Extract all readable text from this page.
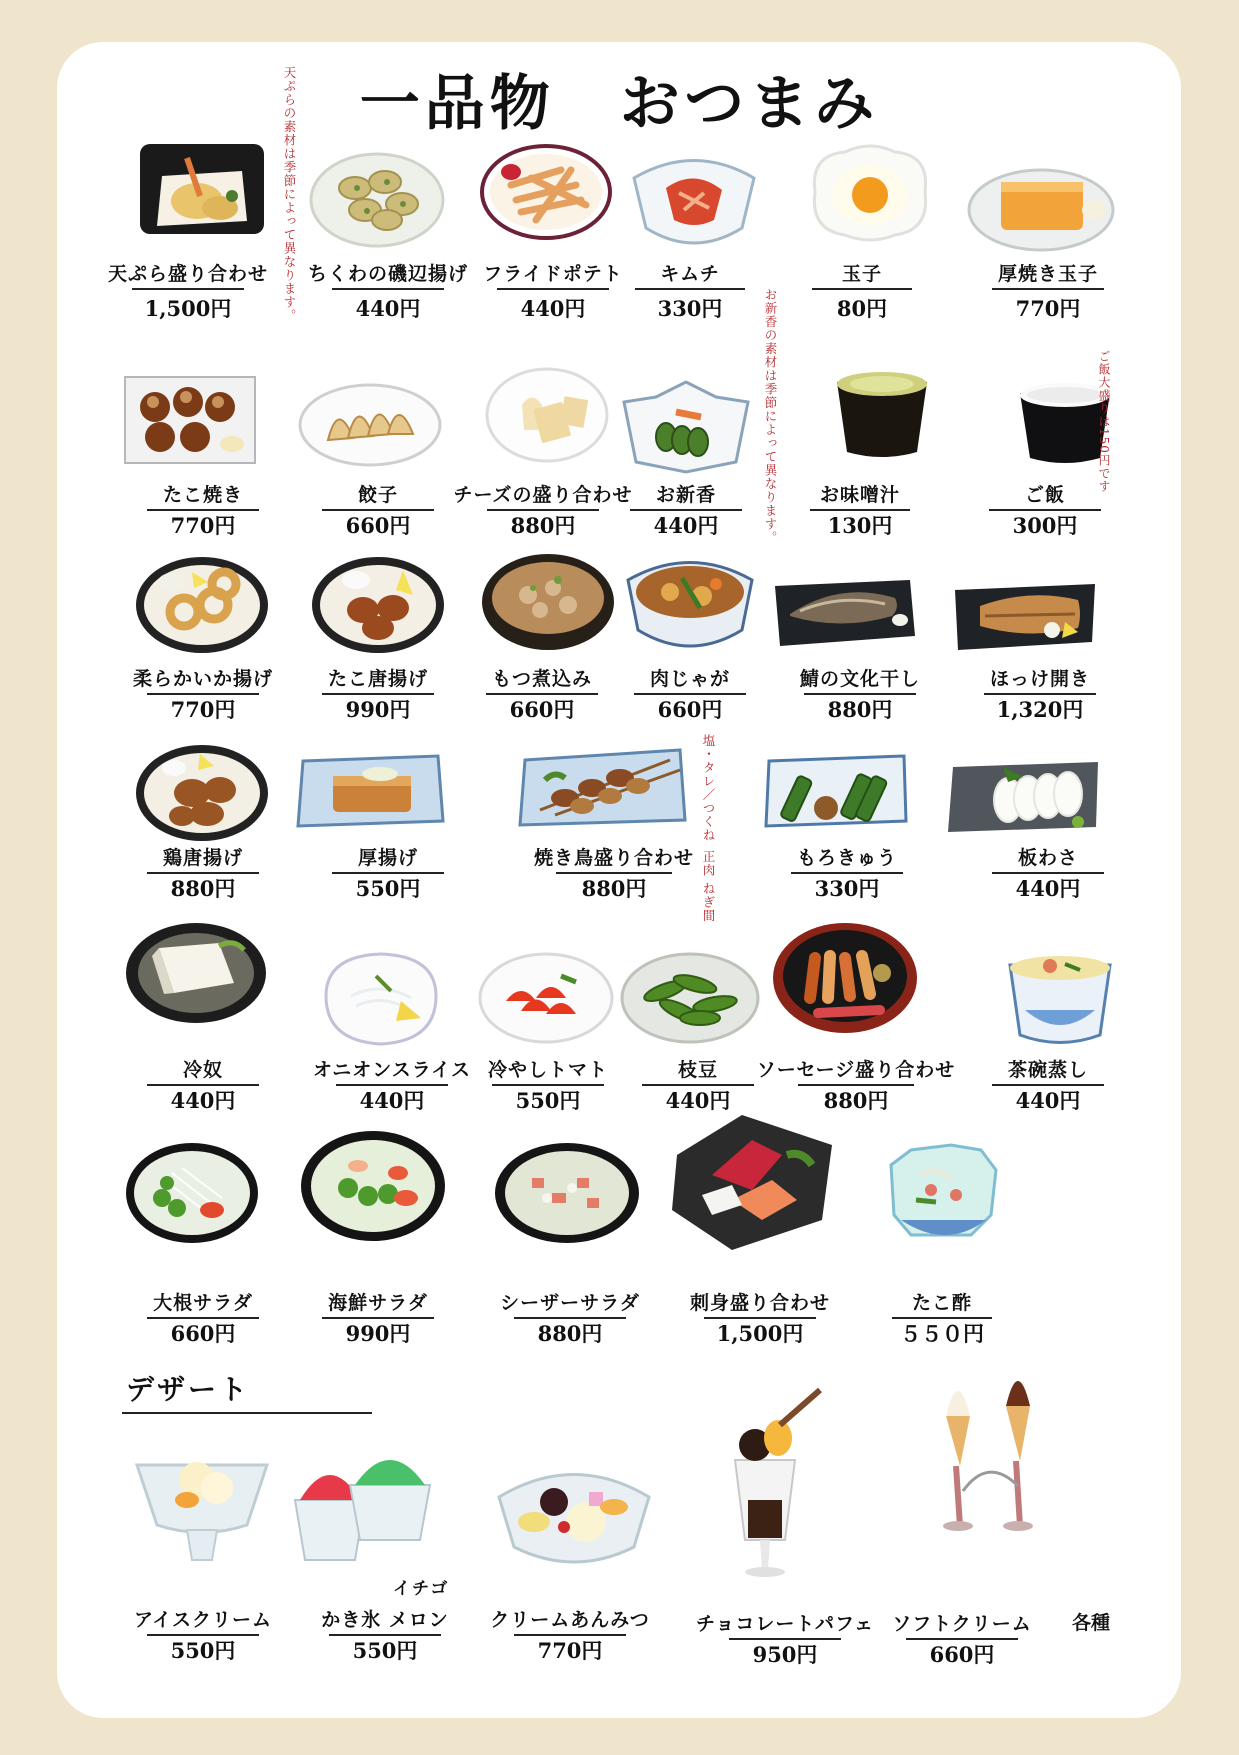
一品物　おつまみ
天ぷら盛り合わせ
1,500円
ちくわの磯辺揚げ
440円
フライドポテト
440円
キムチ
330円
玉子
80円
厚焼き玉子
770円
たこ焼き
770円
餃子
660円
チーズの盛り合わせ
880円
お新香
440円
お味噌汁
130円
ご飯
300円
柔らかいか揚げ
770円
たこ唐揚げ
990円
もつ煮込み
660円
肉じゃが
660円
鯖の文化干し
880円
ほっけ開き
1,320円
鶏唐揚げ
880円
厚揚げ
550円
焼き鳥盛り合わせ
880円
もろきゅう
330円
板わさ
440円
冷奴
440円
オニオンスライス
440円
冷やしトマト
550円
枝豆
440円
ソーセージ盛り合わせ
880円
茶碗蒸し
440円
大根サラダ
660円
海鮮サラダ
990円
シーザーサラダ
880円
刺身盛り合わせ
1,500円
たこ酢
５５０円
アイスクリーム
550円
かき氷 メロン
550円
クリームあんみつ
770円
チョコレートパフェ
950円
ソフトクリーム
660円
天ぷらの素材は季節によって異なります。
お新香の素材は季節によって異なります。	ご飯大盛りは150円です
塩・タレ／つくね
正肉
ねぎ間
デザート
イチゴ
各種
